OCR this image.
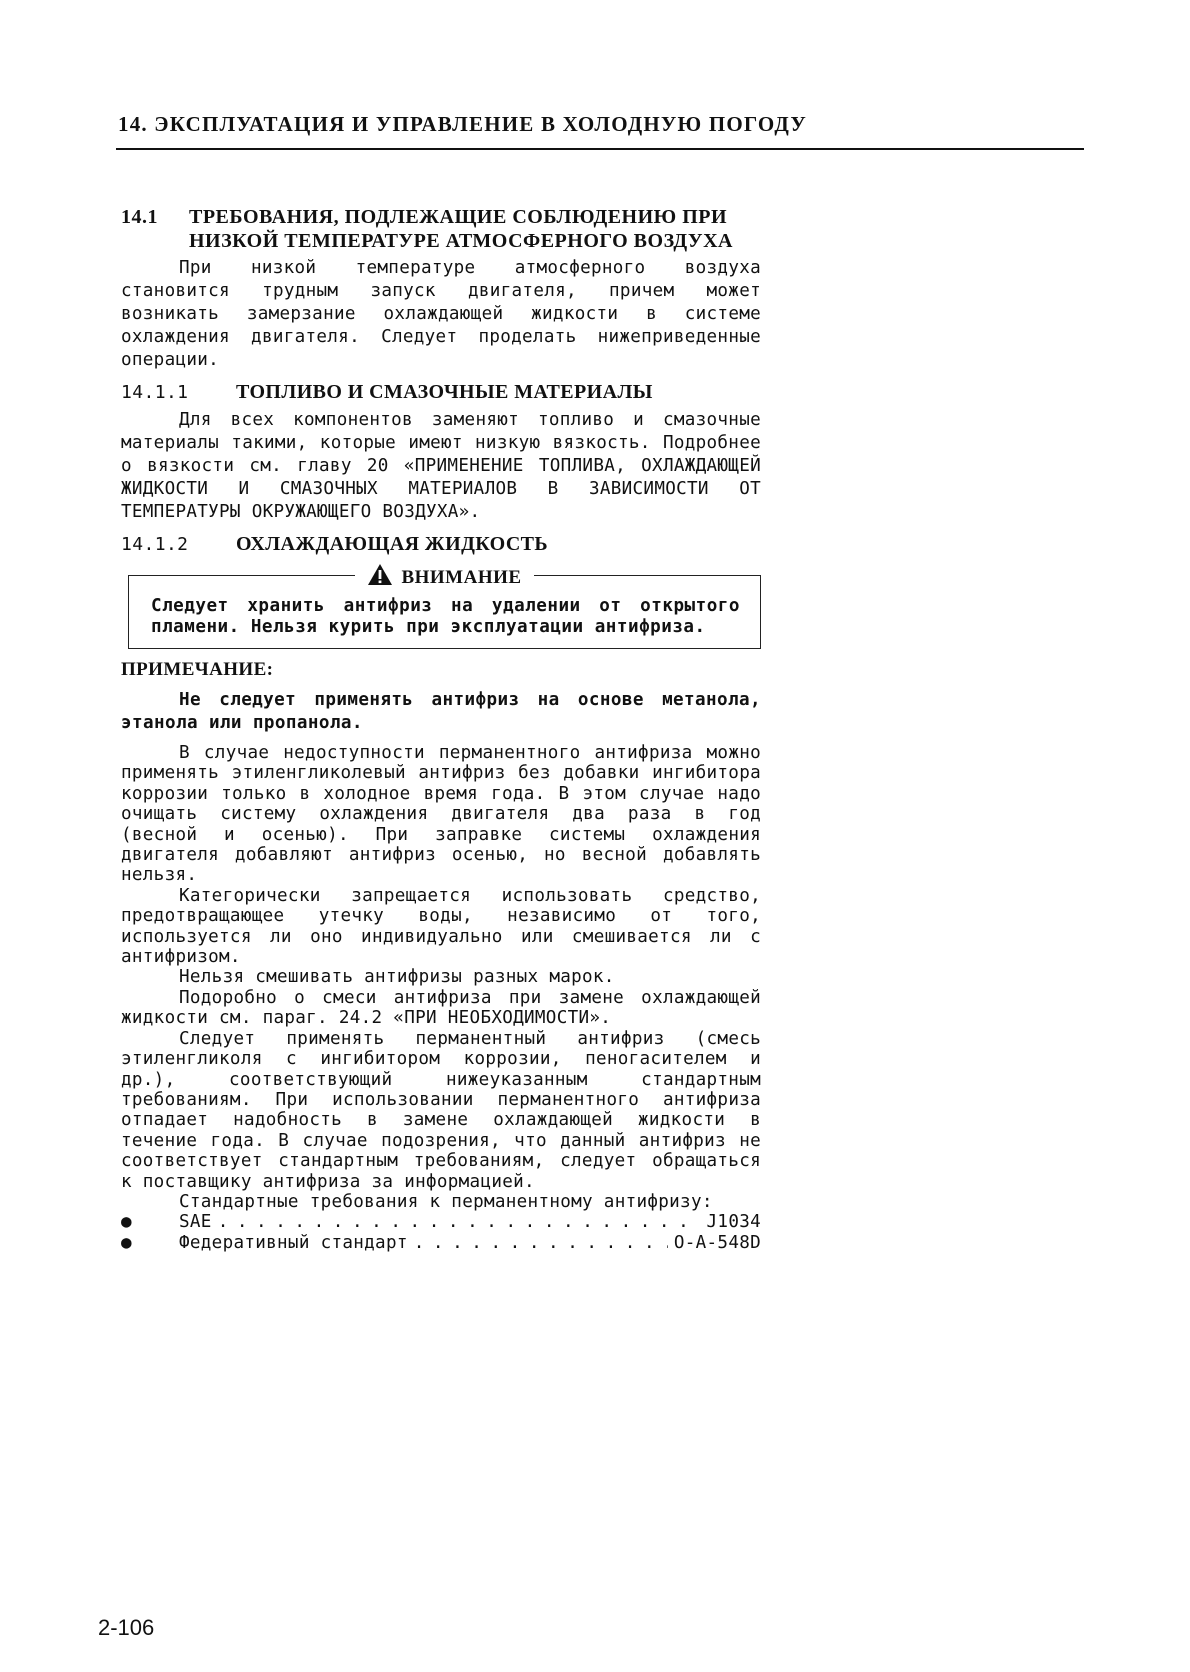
14. ЭКСПЛУАТАЦИЯ И УПРАВЛЕНИЕ В ХОЛОДНУЮ ПОГОДУ
14.1 ТРЕБОВАНИЯ, ПОДЛЕЖАЩИЕ СОБЛЮДЕНИЮ ПРИ
НИЗКОЙ ТЕМПЕРАТУРЕ АТМОСФЕРНОГО ВОЗДУХА

При низкой температуре атмосферного воздуха становится трудным запуск двигателя, причем может возникать замерзание охлаждающей жидкости в системе охлаждения двигателя. Следует проделать нижеприведенные операции.

14.1.1 ТОПЛИВО И СМАЗОЧНЫЕ МАТЕРИАЛЫ

Для всех компонентов заменяют топливо и смазочные материалы такими, которые имеют низкую вязкость. Подробнее о вязкости см. главу 20 «ПРИМЕНЕНИЕ ТОПЛИВА, ОХЛАЖДАЮЩЕЙ ЖИДКОСТИ И СМАЗОЧНЫХ МАТЕРИАЛОВ В ЗАВИСИМОСТИ ОТ ТЕМПЕРАТУРЫ ОКРУЖАЮЩЕГО ВОЗДУХА».

14.1.2 ОХЛАЖДАЮЩАЯ ЖИДКОСТЬ
ВНИМАНИЕ
Следует хранить антифриз на удалении от открытого пламени. Нельзя курить при эксплуатации антифриза.
ПРИМЕЧАНИЕ:
Не следует применять антифриз на основе метанола, этанола или пропанола.

В случае недоступности перманентного антифриза можно применять этиленгликолевый антифриз без добавки ингибитора коррозии только в холодное время года. В этом случае надо очищать систему охлаждения двигателя два раза в год (весной и осенью). При заправке системы охлаждения двигателя добавляют антифриз осенью, но весной добавлять нельзя.

Категорически запрещается использовать средство, предотвращающее утечку воды, независимо от того, используется ли оно индивидуально или смешивается ли с антифризом.

Нельзя смешивать антифризы разных марок.

Подоробно о смеси антифриза при замене охлаждающей жидкости см. параг. 24.2 «ПРИ НЕОБХОДИМОСТИ».

Следует применять перманентный антифриз (смесь этиленгликоля с ингибитором коррозии, пеногасителем и др.), соответствующий нижеуказанным стандартным требованиям. При использовании перманентного антифриза отпадает надобность в замене охлаждающей жидкости в течение года. В случае подозрения, что данный антифриз не соответствует стандартным требованиям, следует обращаться к поставщику антифриза за информацией.

Стандартные требования к перманентному антифризу:

●	SAE . . .	J1034
●	Федеративный стандарт . . .	O-A-548D
2-106
